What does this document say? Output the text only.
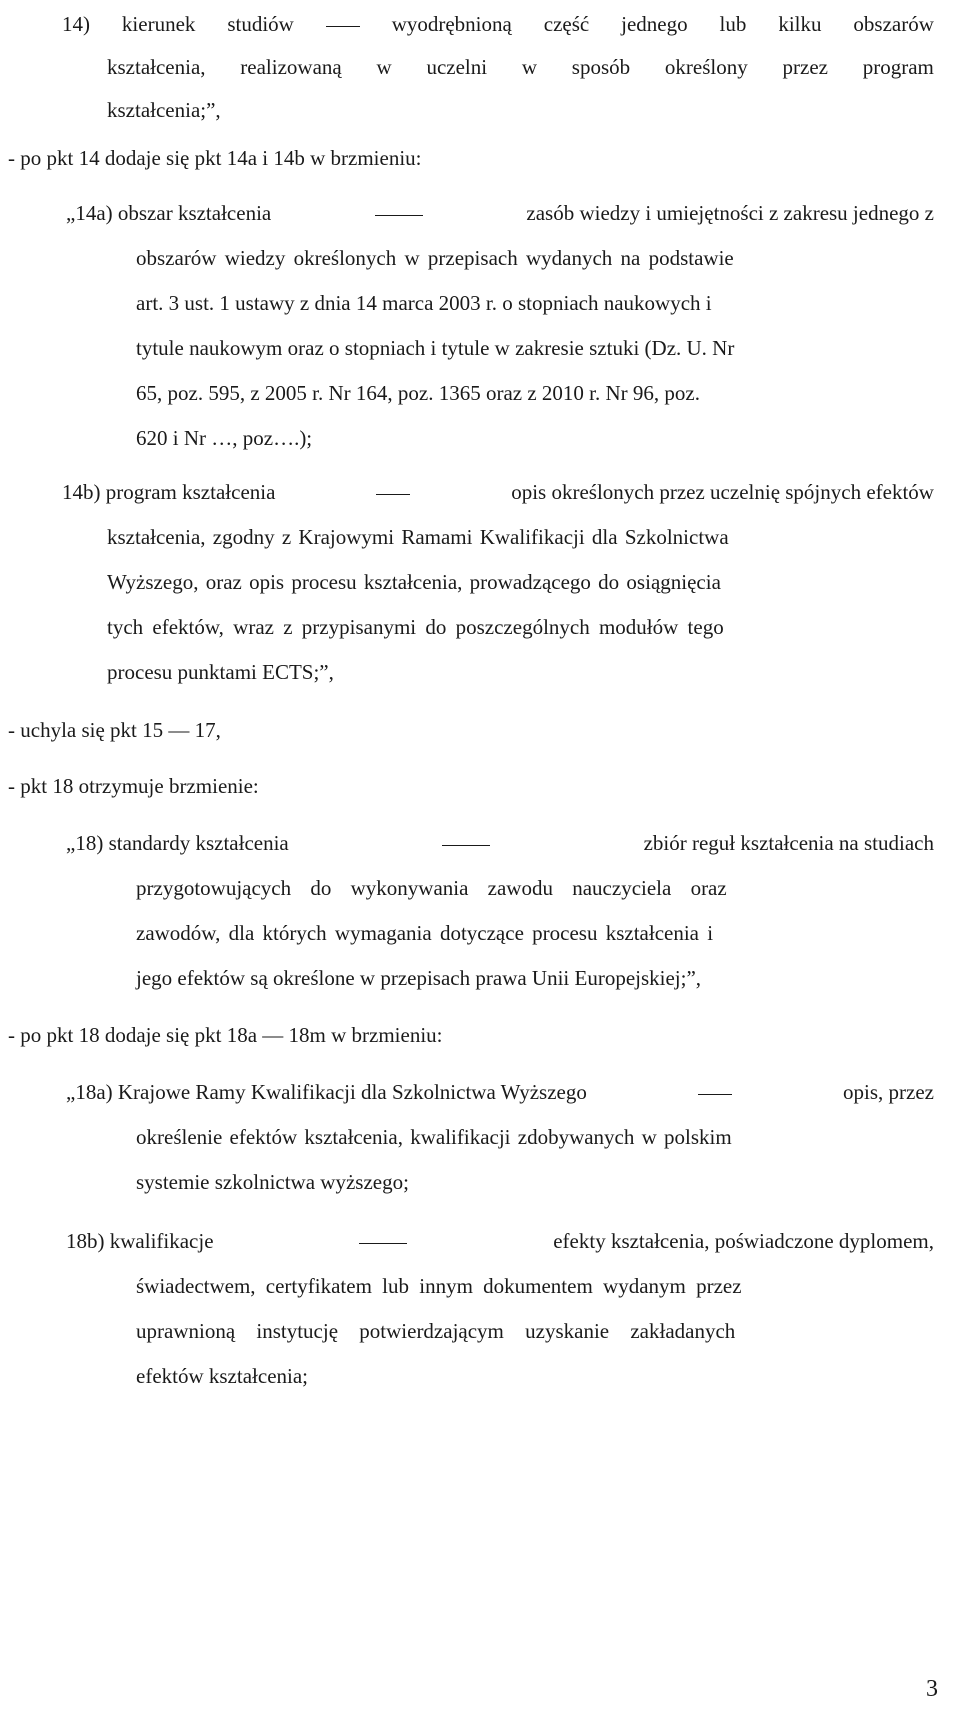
14) kierunek studiów	wyodrębnioną część jednego lub kilku obszarów
kształcenia, realizowaną w uczelni w sposób określony przez program
kształcenia;”,
- po pkt 14 dodaje się pkt 14a i 14b w brzmieniu:
„14a) obszar kształcenia	zasób wiedzy i umiejętności z zakresu jednego z
obszarów wiedzy określonych w przepisach wydanych na podstawie
art. 3 ust. 1 ustawy z dnia 14 marca 2003 r. o stopniach naukowych i
tytule naukowym oraz o stopniach i tytule w zakresie sztuki (Dz. U. Nr
65, poz. 595, z 2005 r. Nr 164, poz. 1365 oraz z 2010 r. Nr 96, poz.
620 i Nr …, poz….);
14b) program kształcenia	opis określonych przez uczelnię spójnych efektów
kształcenia, zgodny z Krajowymi Ramami Kwalifikacji dla Szkolnictwa
Wyższego, oraz opis procesu kształcenia, prowadzącego do osiągnięcia
tych efektów, wraz z przypisanymi do poszczególnych modułów tego
procesu punktami ECTS;”,
- uchyla się pkt 15 — 17,
- pkt 18 otrzymuje brzmienie:
„18) standardy kształcenia	zbiór reguł kształcenia na studiach
przygotowujących do wykonywania zawodu nauczyciela oraz
zawodów, dla których wymagania dotyczące procesu kształcenia i
jego efektów są określone w przepisach prawa Unii Europejskiej;”,
- po pkt 18 dodaje się pkt 18a — 18m w brzmieniu:
„18a) Krajowe Ramy Kwalifikacji dla Szkolnictwa Wyższego	opis, przez
określenie efektów kształcenia, kwalifikacji zdobywanych w polskim
systemie szkolnictwa wyższego;
18b) kwalifikacje	efekty kształcenia, poświadczone dyplomem,
świadectwem, certyfikatem lub innym dokumentem wydanym przez
uprawnioną instytucję potwierdzającym uzyskanie zakładanych
efektów kształcenia;
3
